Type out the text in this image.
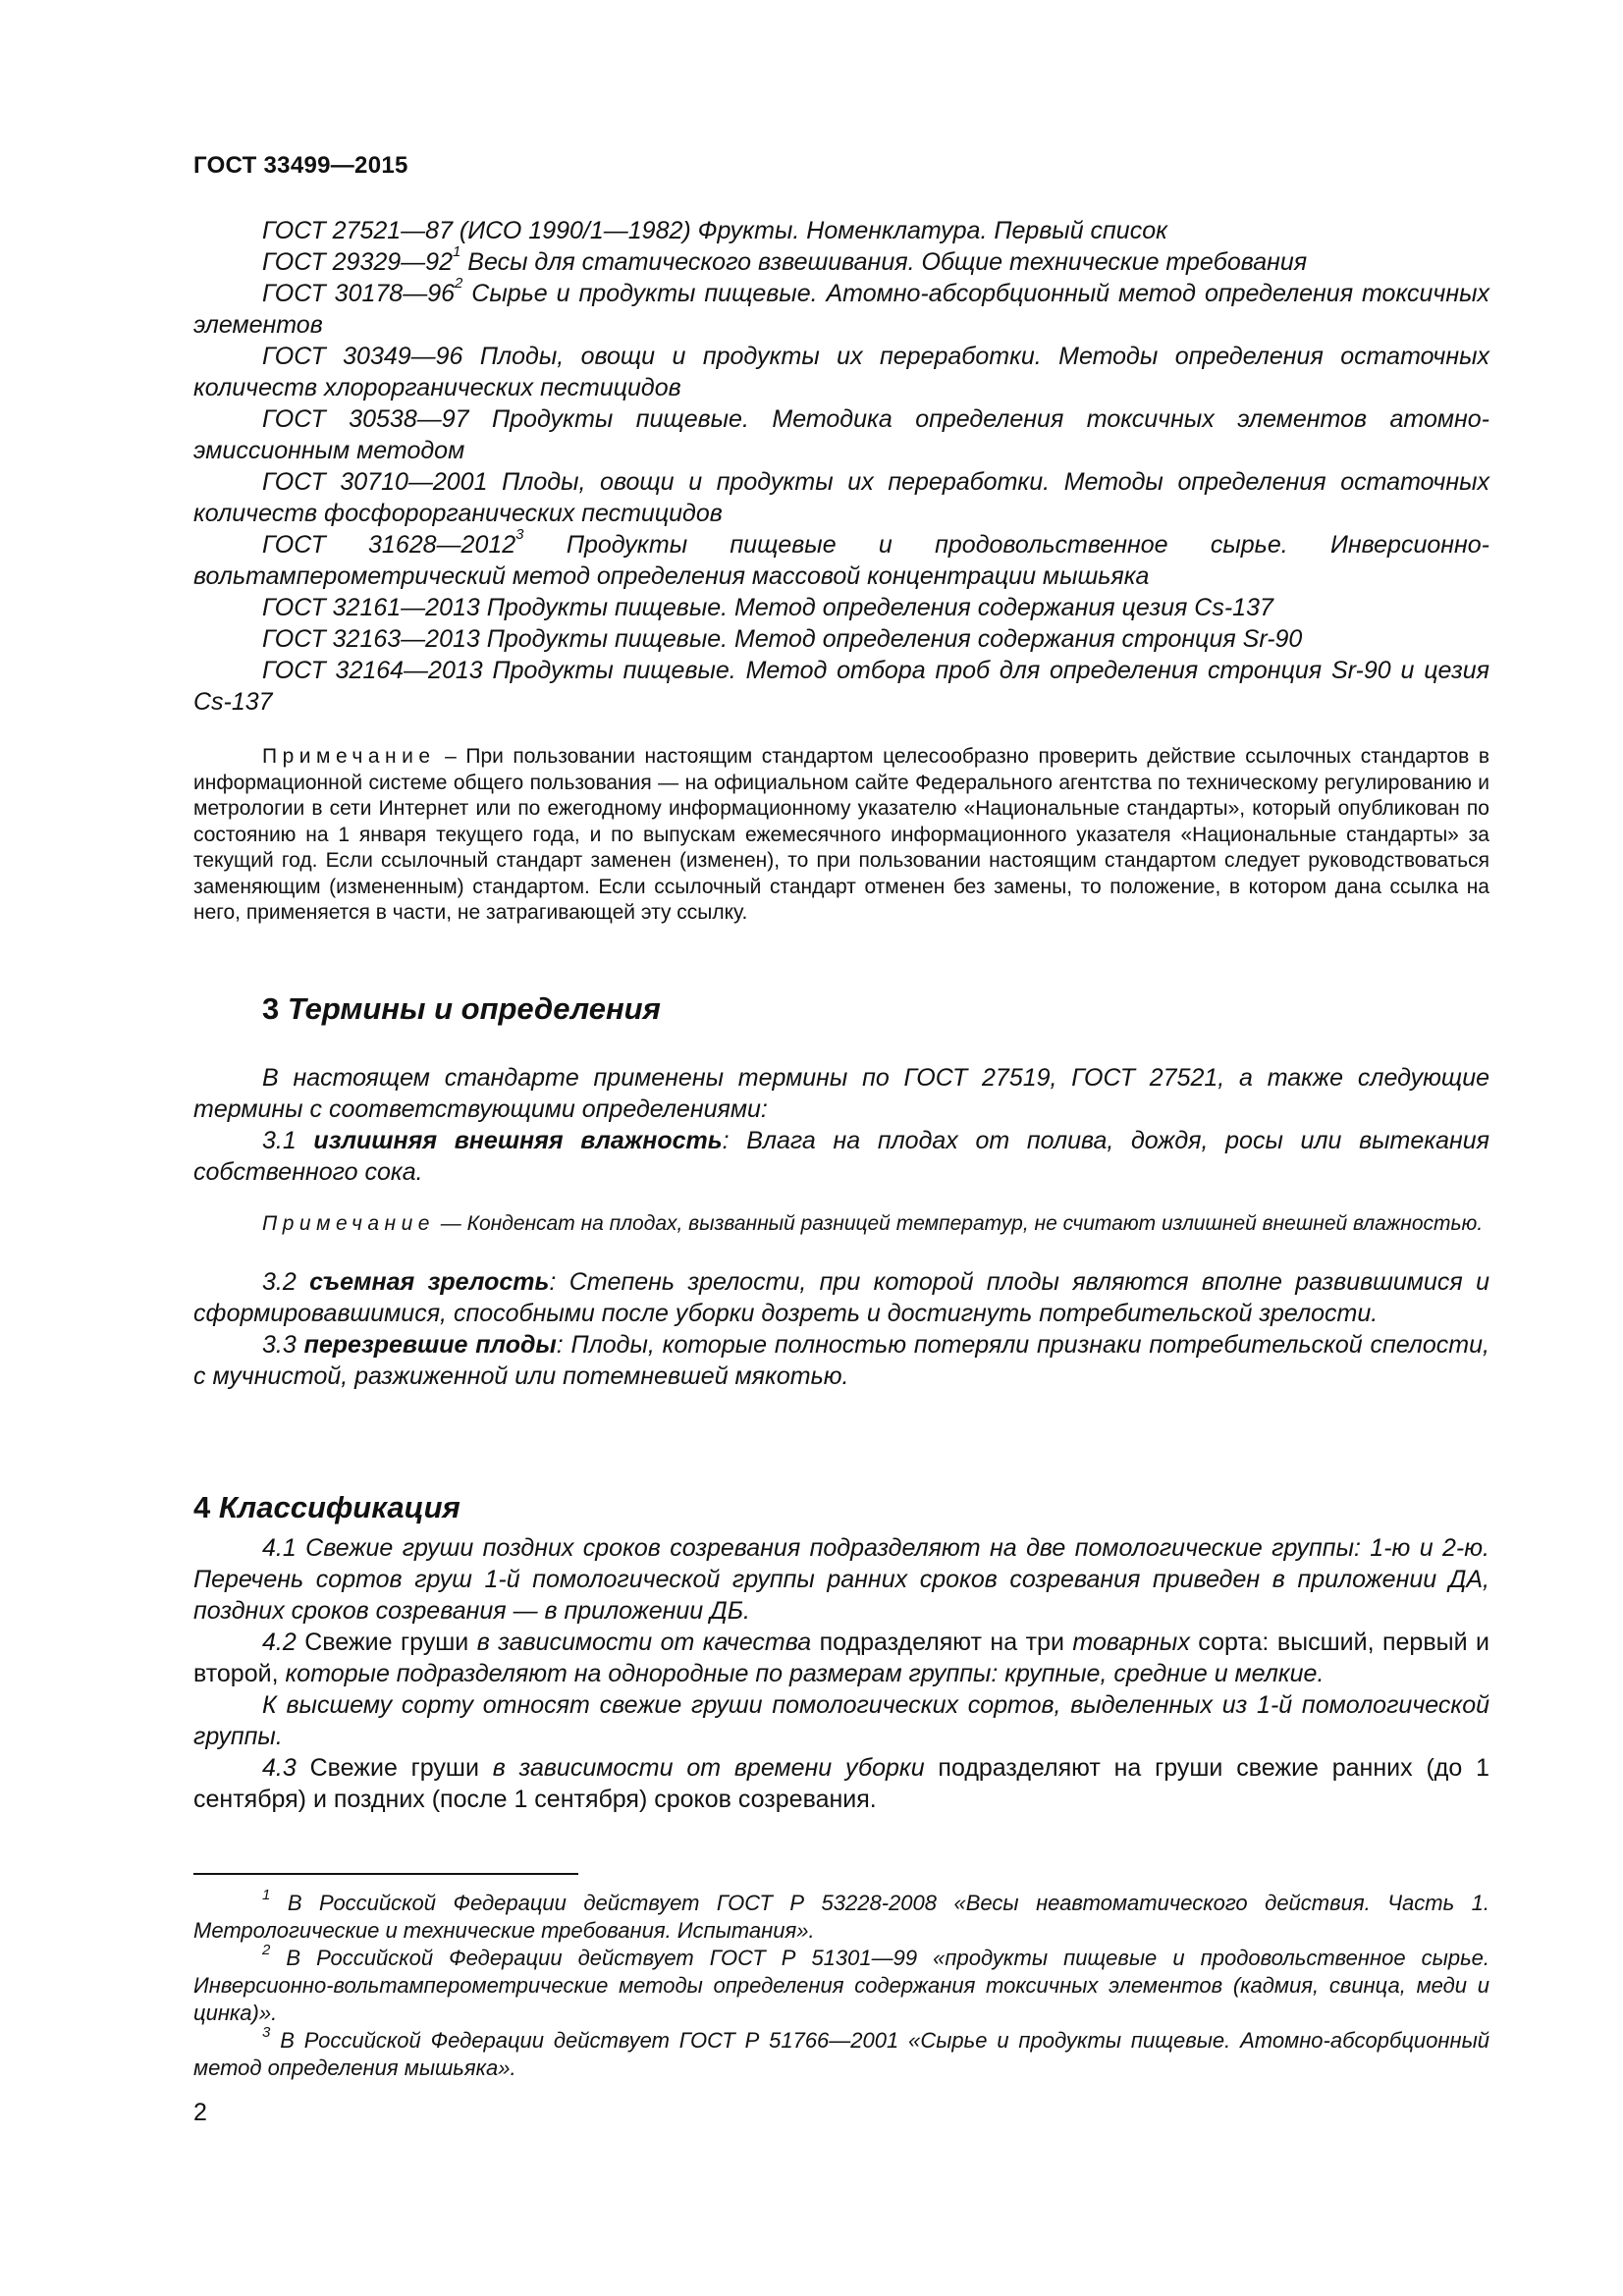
ГОСТ 33499—2015

ГОСТ 27521—87 (ИСО 1990/1—1982) Фрукты. Номенклатура. Первый список

ГОСТ $29329—92^1$ Весы для статического взвешивания. Общие технические требования

ГОСТ $30178—96^2$ Сырье и продукты пищевые. Атомно-абсорбционный метод определения токсичных элементов

ГОСТ 30349—96 Плоды, овощи и продукты их переработки. Методы определения остаточных количеств хлорорганических пестицидов

ГОСТ 30538—97 Продукты пищевые. Методика определения токсичных элементов атомно-эмиссионным методом

ГОСТ 30710—2001 Плоды, овощи и продукты их переработки. Методы определения остаточных количеств фосфорорганических пестицидов

ГОСТ 31628—2012$^3$ Продукты пищевые и продовольственное сырье. Инверсионно-вольтамперометрический метод определения массовой концентрации мышьяка

ГОСТ 32161—2013 Продукты пищевые. Метод определения содержания цезия Cs-137

ГОСТ 32163—2013 Продукты пищевые. Метод определения содержания стронция Sr-90

ГОСТ 32164—2013 Продукты пищевые. Метод отбора проб для определения стронция Sr-90 и цезия Cs-137

Примечание – При пользовании настоящим стандартом целесообразно проверить действие ссылочных стандартов в информационной системе общего пользования — на официальном сайте Федерального агентства по техническому регулированию и метрологии в сети Интернет или по ежегодному информационному указателю «Национальные стандарты», который опубликован по состоянию на 1 января текущего года, и по выпускам ежемесячного информационного указателя «Национальные стандарты» за текущий год. Если ссылочный стандарт заменен (изменен), то при пользовании настоящим стандартом следует руководствоваться заменяющим (измененным) стандартом. Если ссылочный стандарт отменен без замены, то положение, в котором дана ссылка на него, применяется в части, не затрагивающей эту ссылку.

3 Термины и определения

В настоящем стандарте применены термины по ГОСТ 27519, ГОСТ 27521, а также следующие термины с соответствующими определениями:

3.1 излишняя внешняя влажность: Влага на плодах от полива, дождя, росы или вытекания собственного сока.

Примечание — Конденсат на плодах, вызванный разницей температур, не считают излишней внешней влажностью.

3.2 съемная зрелость: Степень зрелости, при которой плоды являются вполне развившимися и сформировавшимися, способными после уборки дозреть и достигнуть потребительской зрелости.

3.3 перезревшие плоды: Плоды, которые полностью потеряли признаки потребительской спелости, с мучнистой, разжиженной или потемневшей мякотью.

4 Классификация

4.1 Свежие груши поздних сроков созревания подразделяют на две помологические группы: 1-ю и 2-ю. Перечень сортов груш 1-й помологической группы ранних сроков созревания приведен в приложении ДА, поздних сроков созревания — в приложении ДБ.

4.2 Свежие груши в зависимости от качества подразделяют на три товарных сорта: высший, первый и второй, которые подразделяют на однородные по размерам группы: крупные, средние и мелкие.

К высшему сорту относят свежие груши помологических сортов, выделенных из 1-й помологической группы.

4.3 Свежие груши в зависимости от времени уборки подразделяют на груши свежие ранних (до 1 сентября) и поздних (после 1 сентября) сроков созревания.

$^1$ В Российской Федерации действует ГОСТ Р 53228-2008 «Весы неавтоматического действия. Часть 1. Метрологические и технические требования. Испытания».

$^2$ В Российской Федерации действует ГОСТ Р 51301—99 «продукты пищевые и продовольственное сырье. Инверсионно-вольтамперометрические методы определения содержания токсичных элементов (кадмия, свинца, меди и цинка)».

$^3$ В Российской Федерации действует ГОСТ Р 51766—2001 «Сырье и продукты пищевые. Атомно-абсорбционный метод определения мышьяка».

2
